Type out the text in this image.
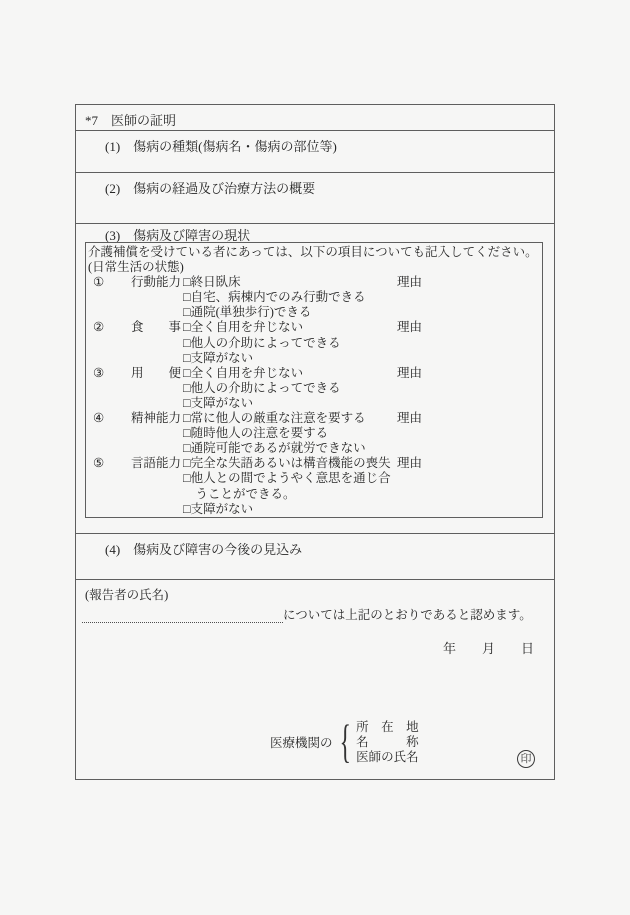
*7　医師の証明
(1)　傷病の種類(傷病名・傷病の部位等)
(2)　傷病の経過及び治療方法の概要
(3)　傷病及び障害の現状
介護補償を受けている者にあっては、以下の項目についても記入してください。
(日常生活の状態)
① 行動能力 □終日臥床	理由
□自宅、病棟内でのみ行動できる
□通院(単独歩行)できる
② 食　　事 □全く自用を弁じない	理由
□他人の介助によってできる
□支障がない
③ 用　　便 □全く自用を弁じない	理由
□他人の介助によってできる
□支障がない
④ 精神能力 □常に他人の厳重な注意を要する	理由
□随時他人の注意を要する
□通院可能であるが就労できない
⑤ 言語能力 □完全な失語あるいは構音機能の喪失 理由
□他人との間でようやく意思を通じ合
　うことができる。
□支障がない
(4)　傷病及び障害の今後の見込み
(報告者の氏名)
については上記のとおりであると認めます。
年　　月　　日
医療機関の { 所　在　地
名　　　称
医師の氏名	印
